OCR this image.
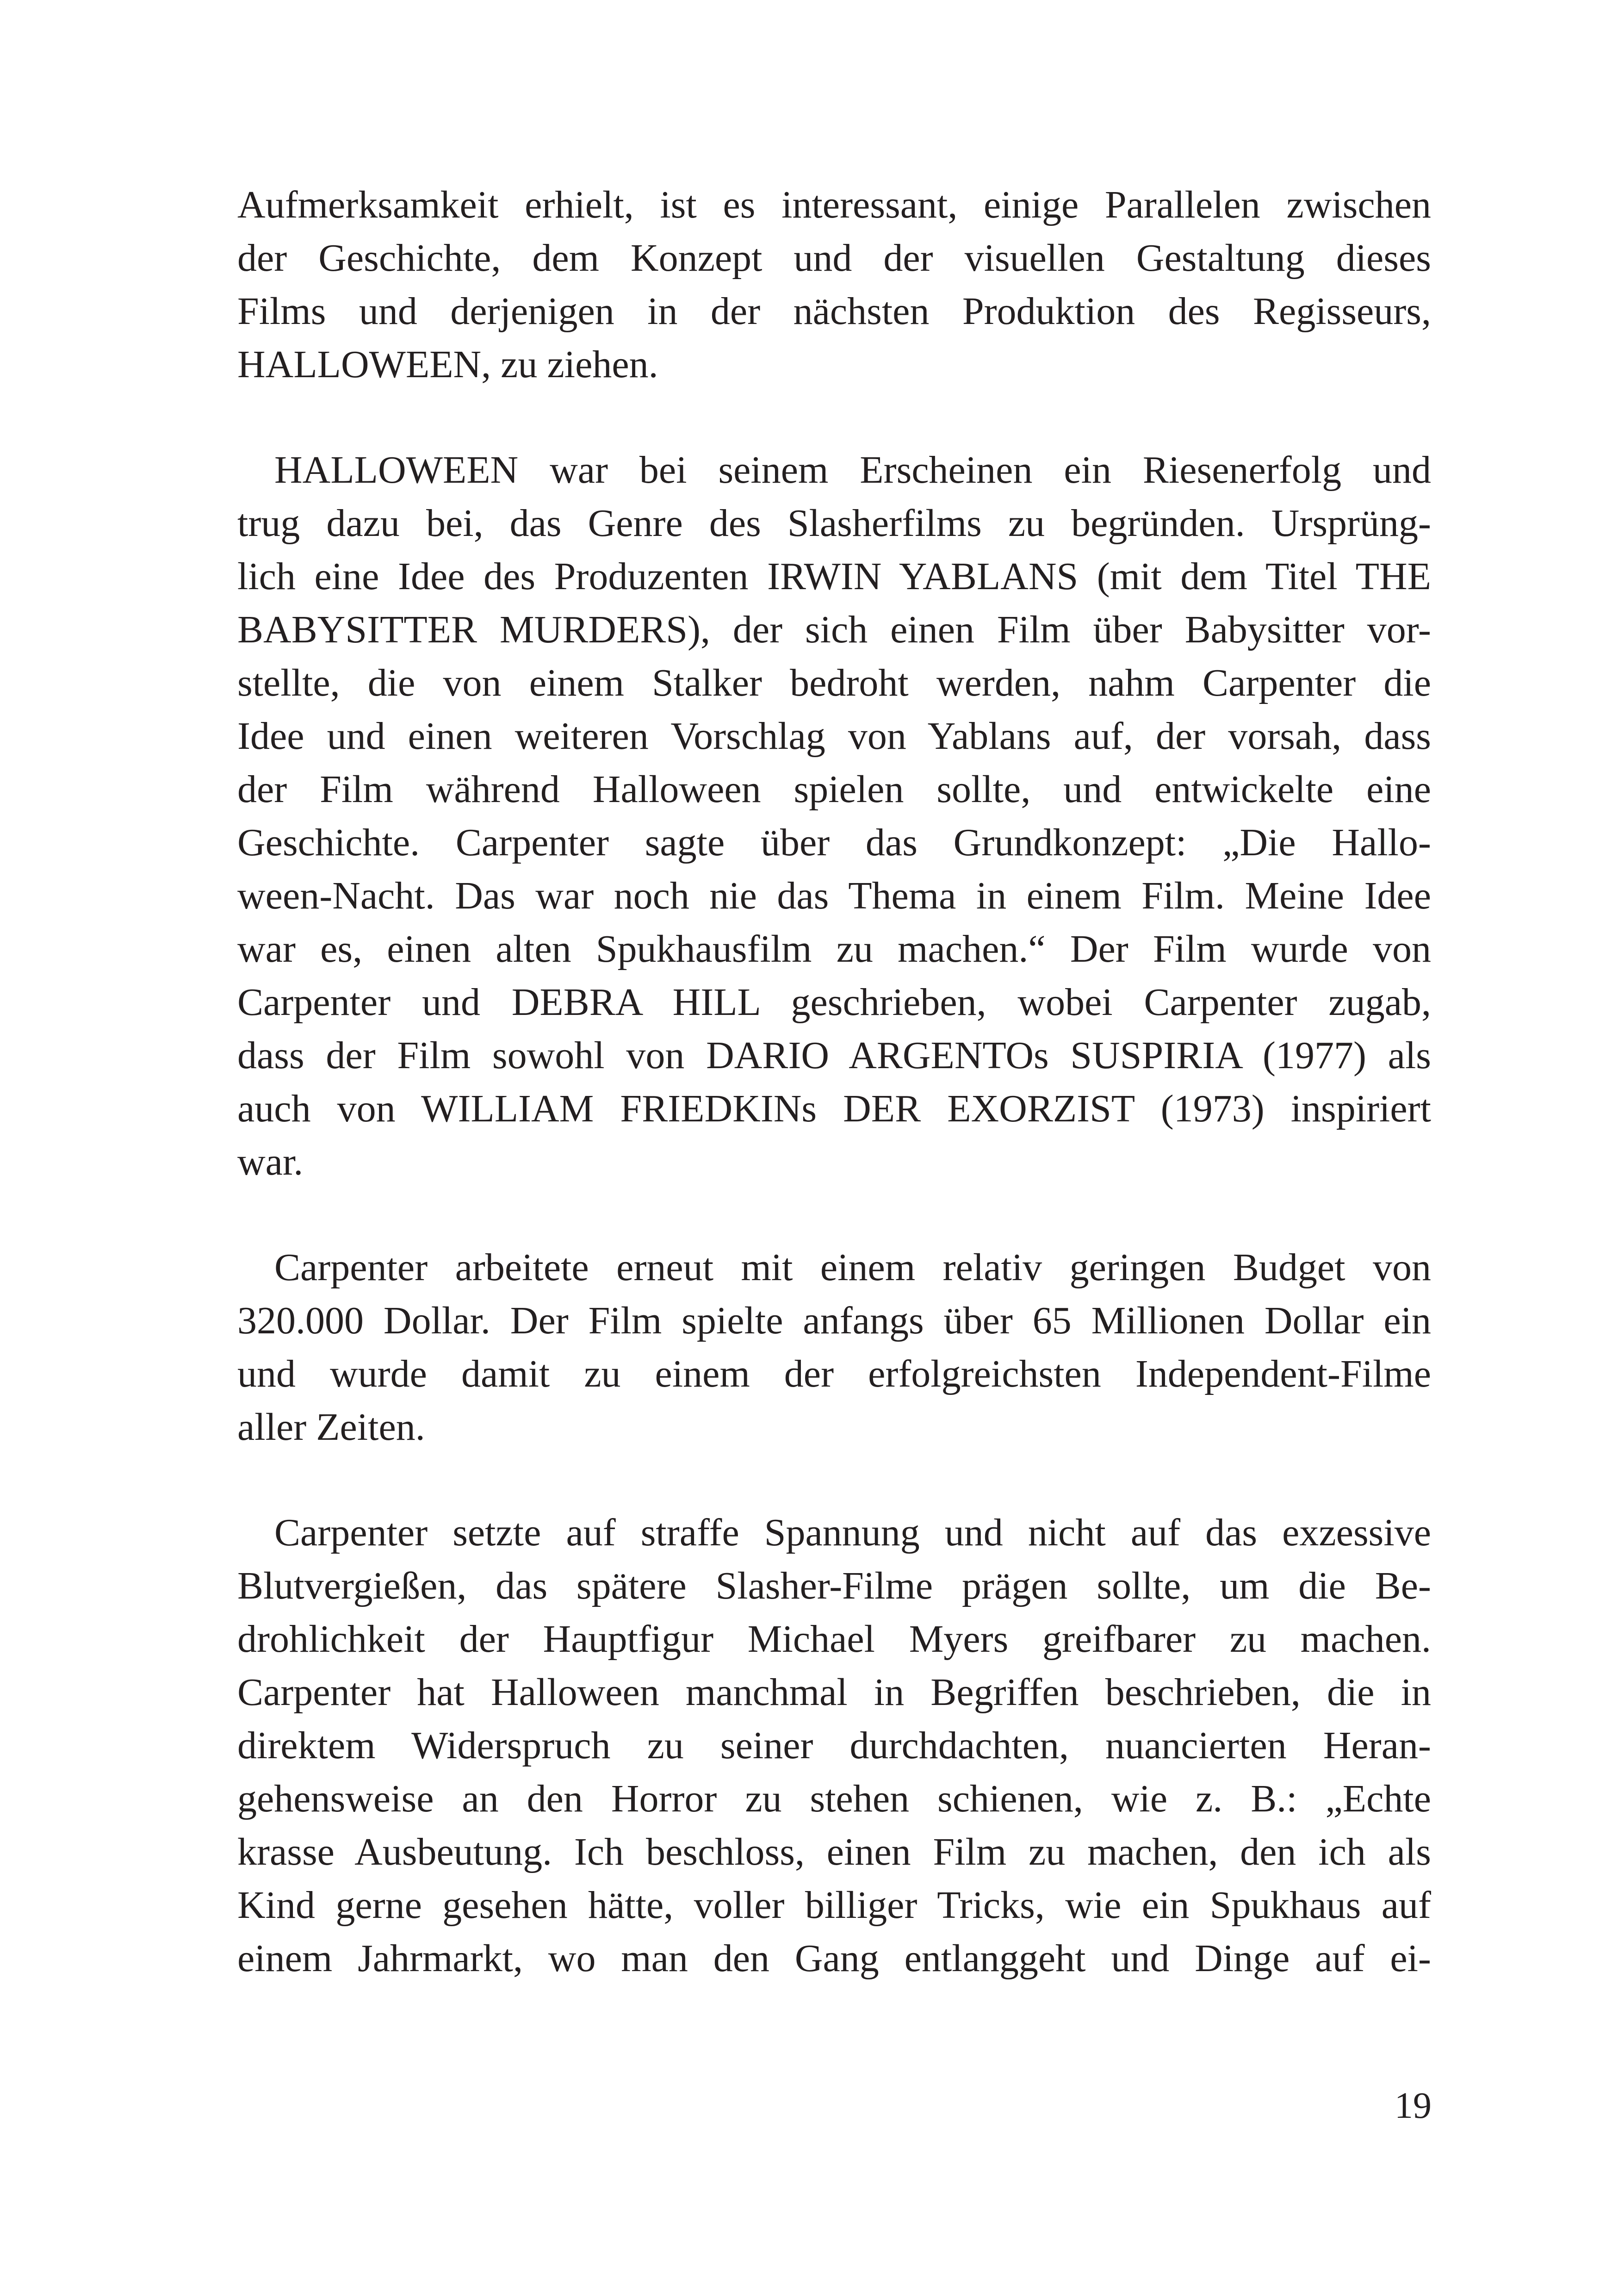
Aufmerksamkeit erhielt, ist es interessant, einige Parallelen zwischen
der Geschichte, dem Konzept und der visuellen Gestaltung dieses
Films und derjenigen in der nächsten Produktion des Regisseurs,
HALLOWEEN, zu ziehen.
HALLOWEEN war bei seinem Erscheinen ein Riesenerfolg und
trug dazu bei, das Genre des Slasherfilms zu begründen. Ursprüng-
lich eine Idee des Produzenten IRWIN YABLANS (mit dem Titel THE
BABYSITTER MURDERS), der sich einen Film über Babysitter vor-
stellte, die von einem Stalker bedroht werden, nahm Carpenter die
Idee und einen weiteren Vorschlag von Yablans auf, der vorsah, dass
der Film während Halloween spielen sollte, und entwickelte eine
Geschichte. Carpenter sagte über das Grundkonzept: „Die Hallo-
ween-Nacht. Das war noch nie das Thema in einem Film. Meine Idee
war es, einen alten Spukhausfilm zu machen.“ Der Film wurde von
Carpenter und DEBRA HILL geschrieben, wobei Carpenter zugab,
dass der Film sowohl von DARIO ARGENTOs SUSPIRIA (1977) als
auch von WILLIAM FRIEDKINs DER EXORZIST (1973) inspiriert
war.
Carpenter arbeitete erneut mit einem relativ geringen Budget von
320.000 Dollar. Der Film spielte anfangs über 65 Millionen Dollar ein
und wurde damit zu einem der erfolgreichsten Independent-Filme
aller Zeiten.
Carpenter setzte auf straffe Spannung und nicht auf das exzessive
Blutvergießen, das spätere Slasher-Filme prägen sollte, um die Be-
drohlichkeit der Hauptfigur Michael Myers greifbarer zu machen.
Carpenter hat Halloween manchmal in Begriffen beschrieben, die in
direktem Widerspruch zu seiner durchdachten, nuancierten Heran-
gehensweise an den Horror zu stehen schienen, wie z. B.: „Echte
krasse Ausbeutung. Ich beschloss, einen Film zu machen, den ich als
Kind gerne gesehen hätte, voller billiger Tricks, wie ein Spukhaus auf
einem Jahrmarkt, wo man den Gang entlanggeht und Dinge auf ei-
19
